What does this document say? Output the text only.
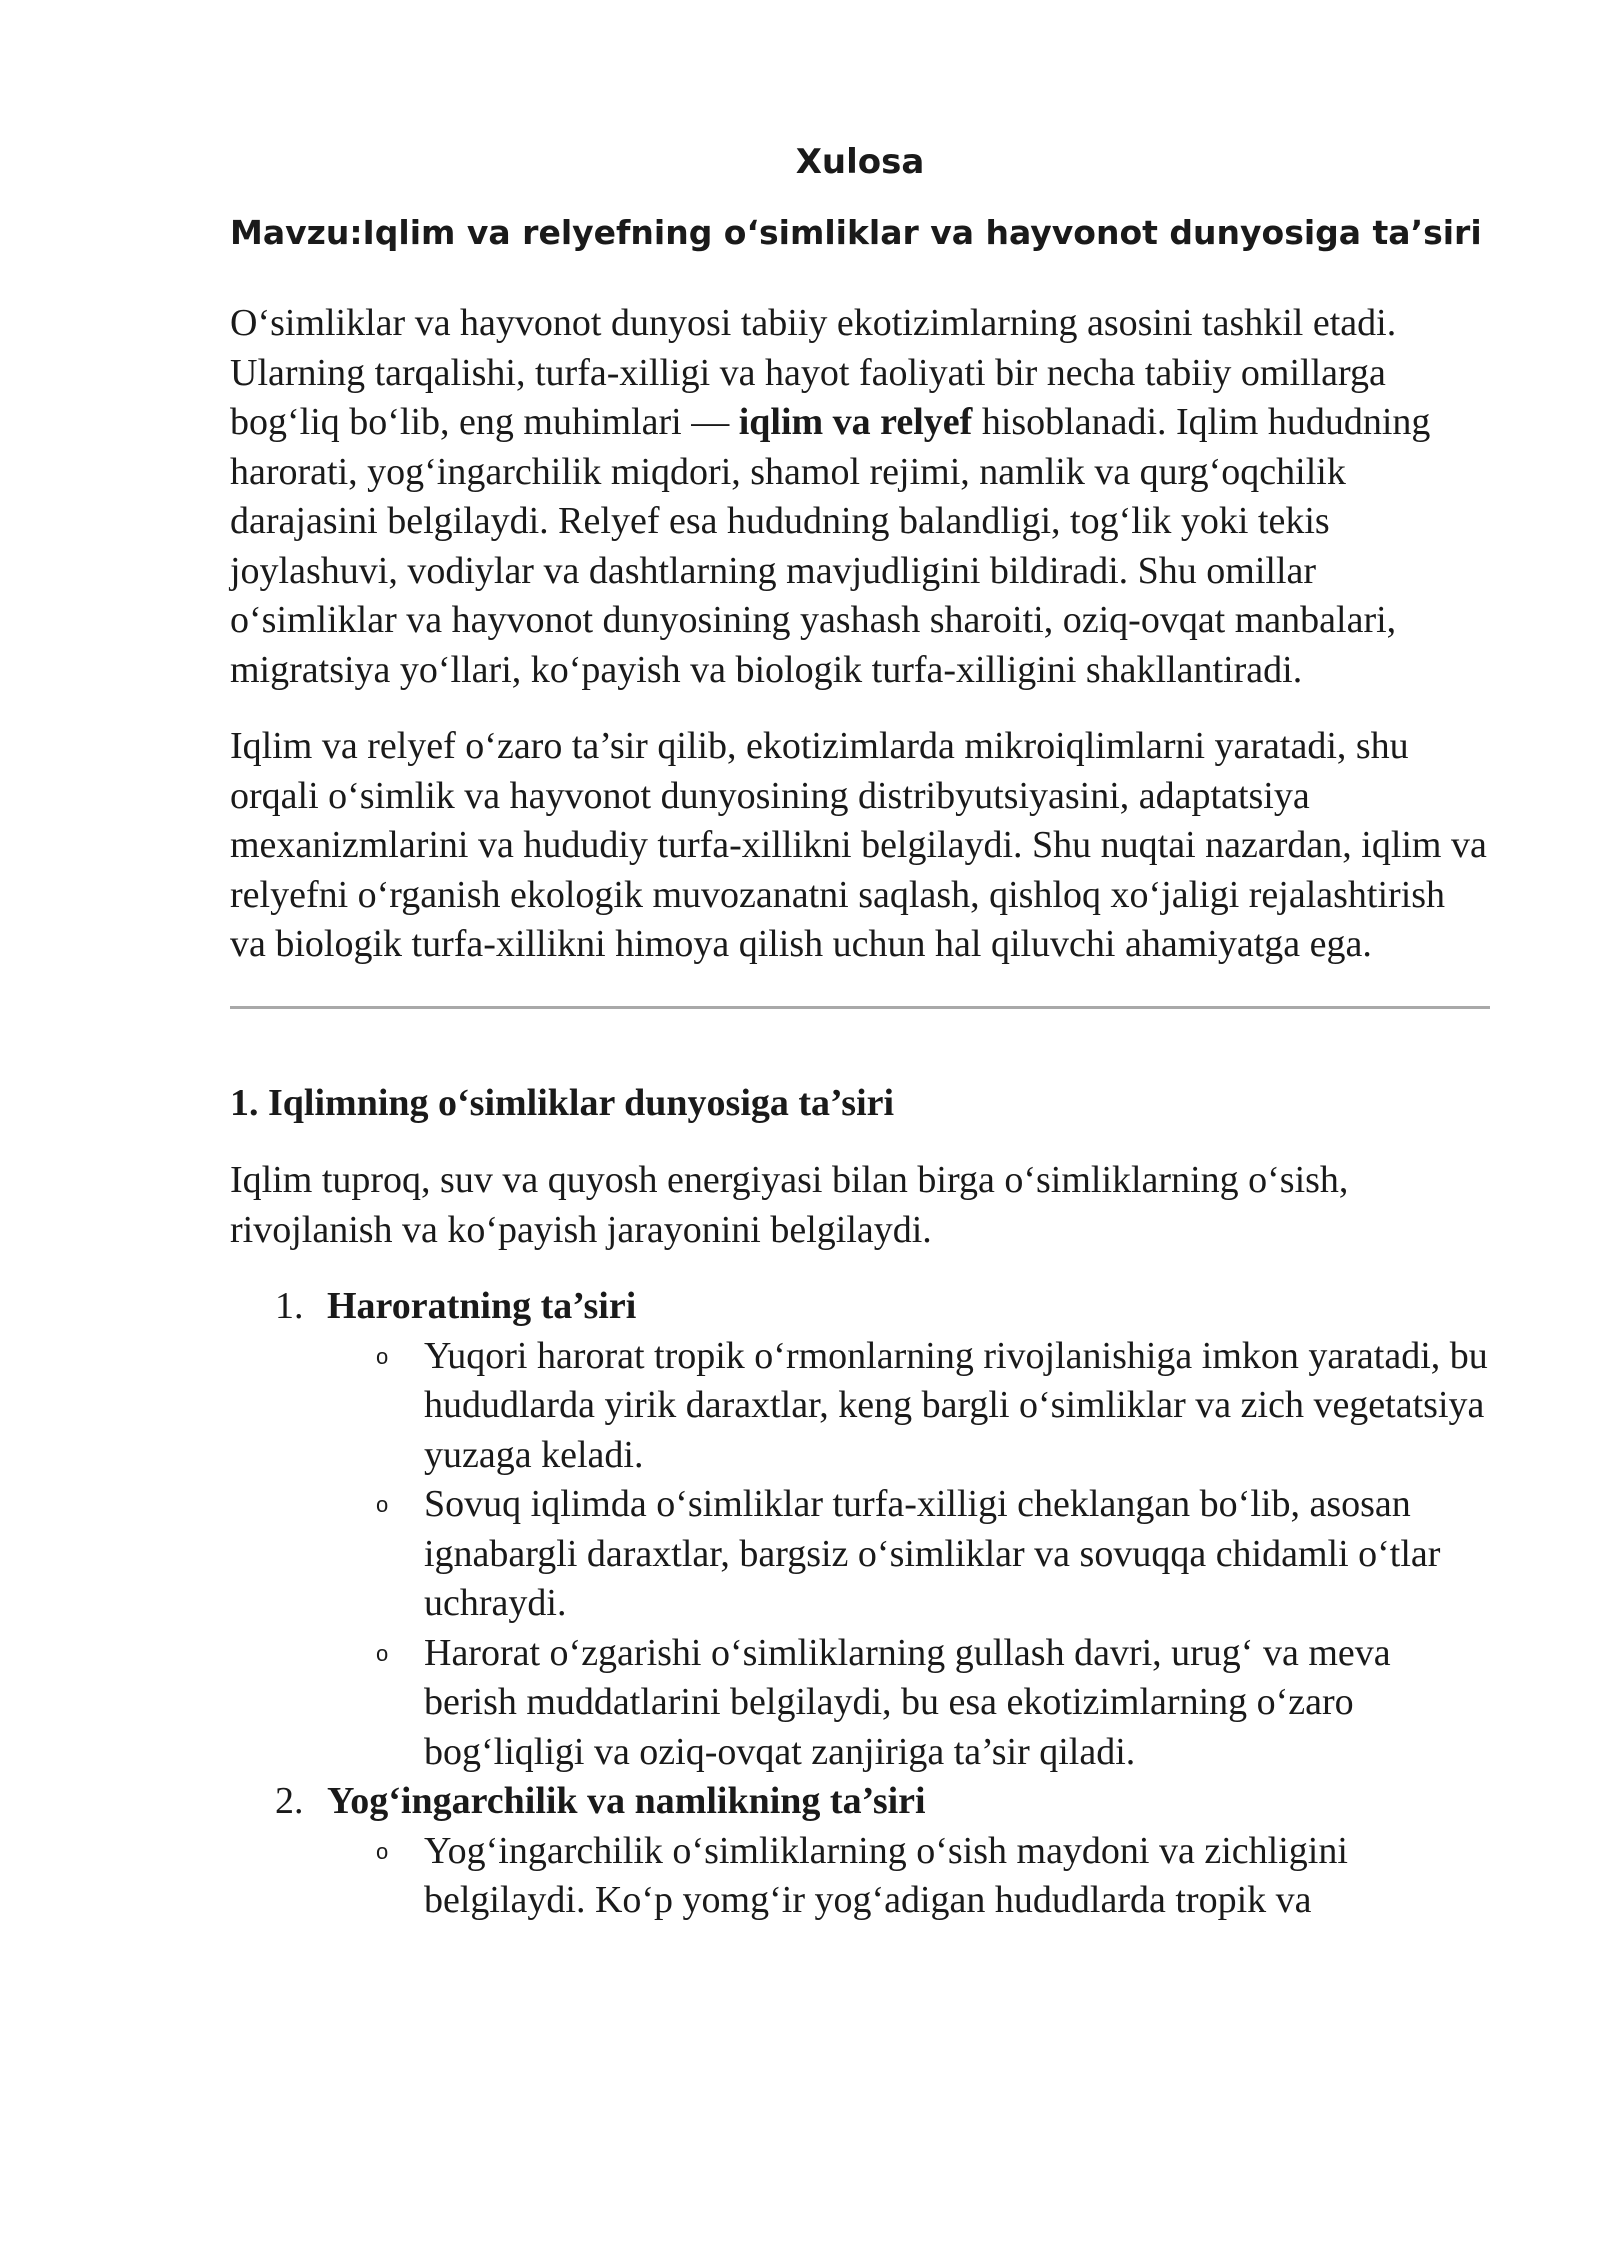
Xulosa
Mavzu:Iqlim va relyefning o‘simliklar va hayvonot dunyosiga ta’siri

O‘simliklar va hayvonot dunyosi tabiiy ekotizimlarning asosini tashkil etadi. Ularning tarqalishi, turfa-xilligi va hayot faoliyati bir necha tabiiy omillarga bog‘liq bo‘lib, eng muhimlari — iqlim va relyef hisoblanadi. Iqlim hududning harorati, yog‘ingarchilik miqdori, shamol rejimi, namlik va qurg‘oqchilik darajasini belgilaydi. Relyef esa hududning balandligi, tog‘lik yoki tekis joylashuvi, vodiylar va dashtlarning mavjudligini bildiradi. Shu omillar o‘simliklar va hayvonot dunyosining yashash sharoiti, oziq-ovqat manbalari, migratsiya yo‘llari, ko‘payish va biologik turfa-xilligini shakllantiradi.

Iqlim va relyef o‘zaro ta’sir qilib, ekotizimlarda mikroiqlimlarni yaratadi, shu orqali o‘simlik va hayvonot dunyosining distribyutsiyasini, adaptatsiya mexanizmlarini va hududiy turfa-xillikni belgilaydi. Shu nuqtai nazardan, iqlim va relyefni o‘rganish ekologik muvozanatni saqlash, qishloq xo‘jaligi rejalashtirish va biologik turfa-xillikni himoya qilish uchun hal qiluvchi ahamiyatga ega.

1. Iqlimning o‘simliklar dunyosiga ta’siri

Iqlim tuproq, suv va quyosh energiyasi bilan birga o‘simliklarning o‘sish, rivojlanish va ko‘payish jarayonini belgilaydi.

1. Haroratning ta’siri
o Yuqori harorat tropik o‘rmonlarning rivojlanishiga imkon yaratadi, bu hududlarda yirik daraxtlar, keng bargli o‘simliklar va zich vegetatsiya yuzaga keladi.
o Sovuq iqlimda o‘simliklar turfa-xilligi cheklangan bo‘lib, asosan ignabargli daraxtlar, bargsiz o‘simliklar va sovuqqa chidamli o‘tlar uchraydi.
o Harorat o‘zgarishi o‘simliklarning gullash davri, urug‘ va meva berish muddatlarini belgilaydi, bu esa ekotizimlarning o‘zaro bog‘liqligi va oziq-ovqat zanjiriga ta’sir qiladi.
2. Yog‘ingarchilik va namlikning ta’siri
o Yog‘ingarchilik o‘simliklarning o‘sish maydoni va zichligini belgilaydi. Ko‘p yomg‘ir yog‘adigan hududlarda tropik va
